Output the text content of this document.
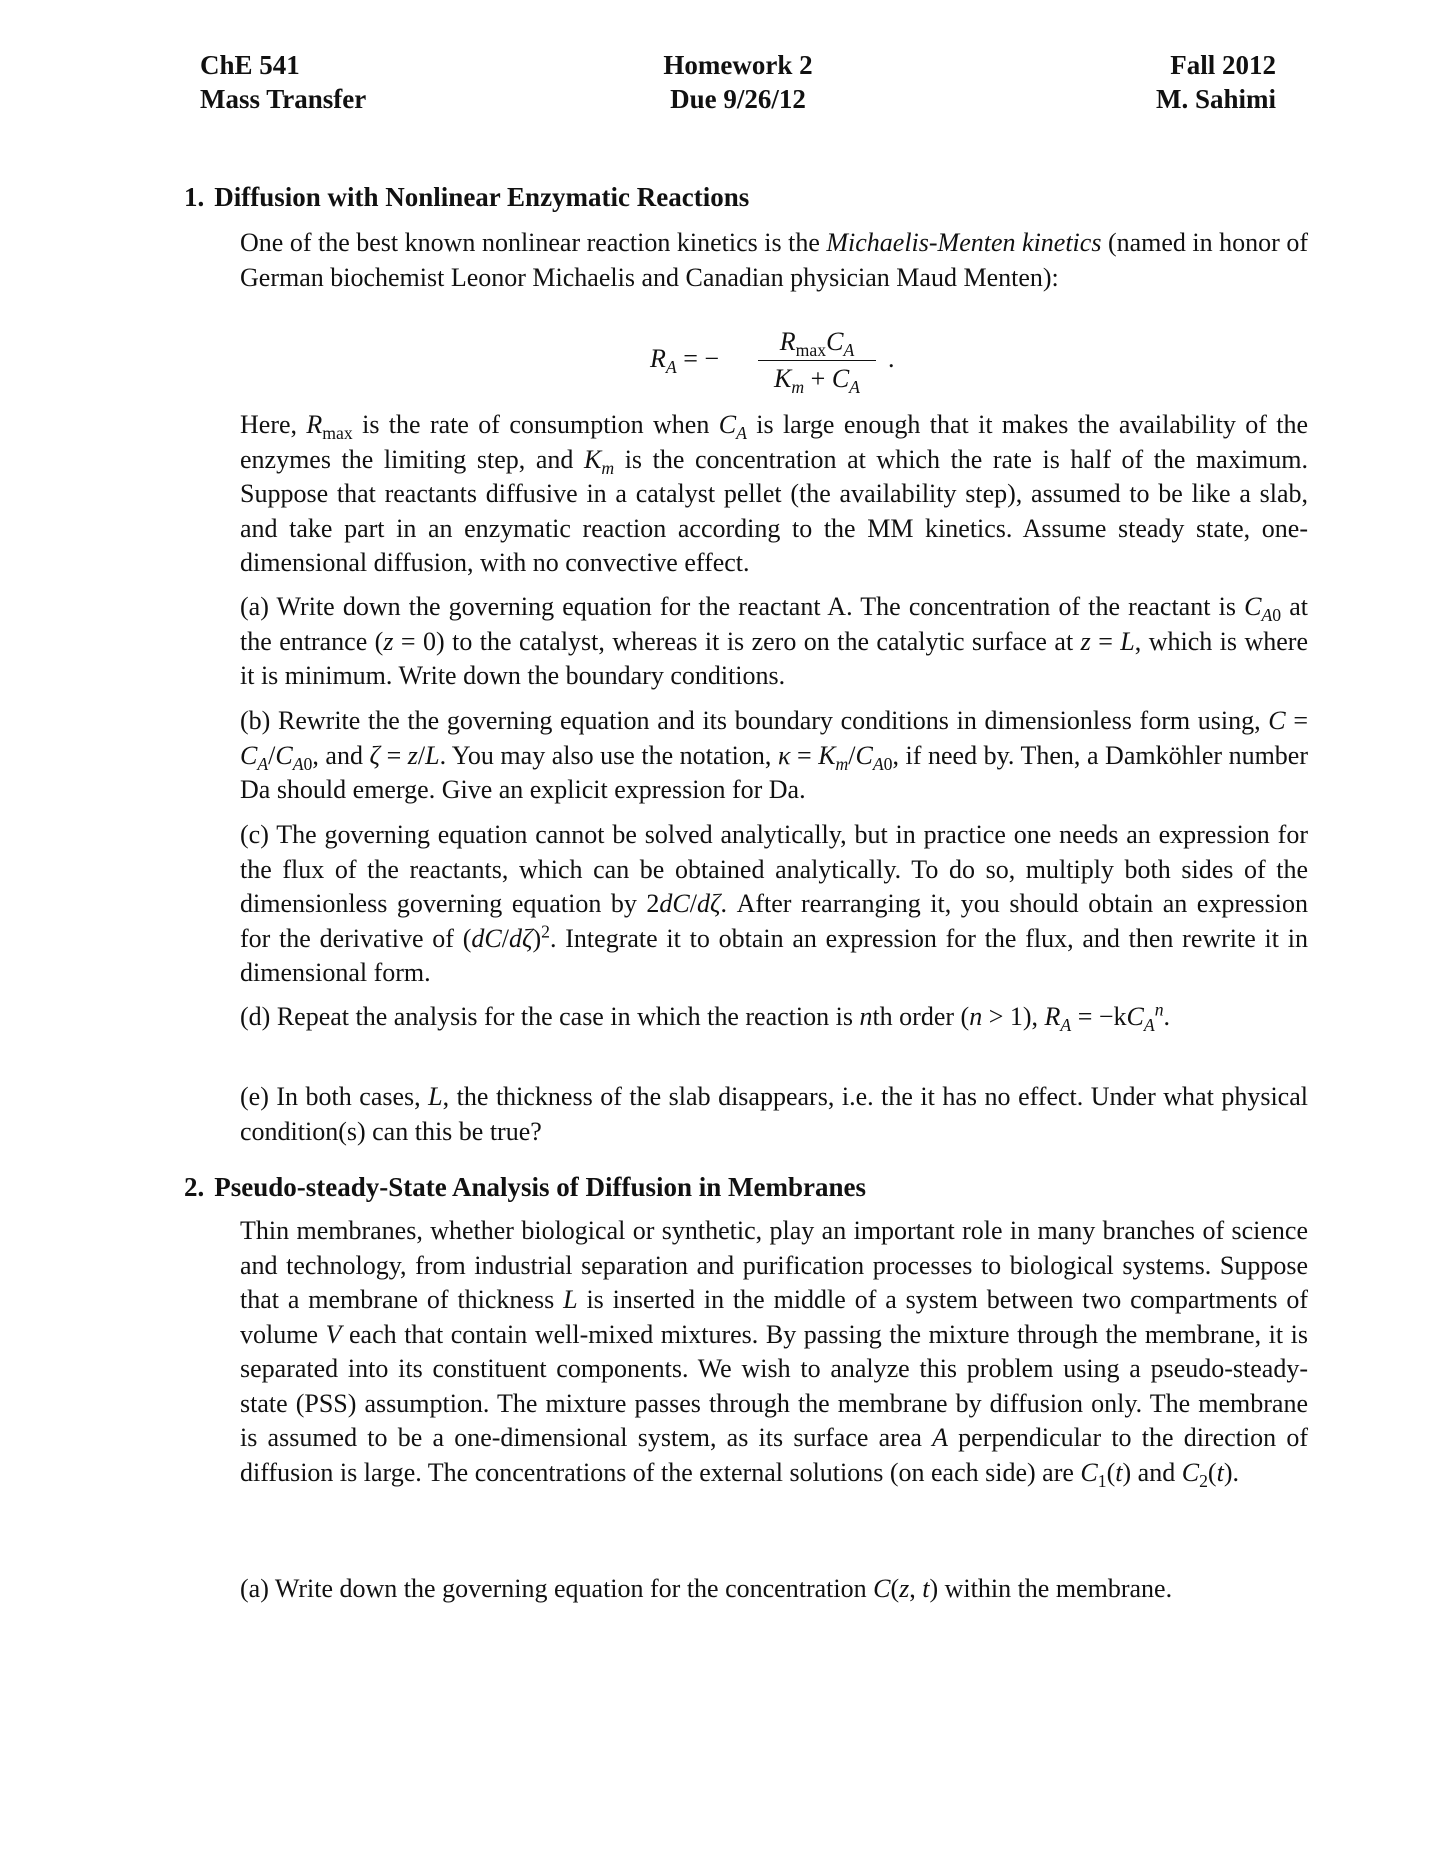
ChE 541
Mass Transfer
Homework 2
Due 9/26/12
Fall 2012
M. Sahimi
1. Diffusion with Nonlinear Enzymatic Reactions
One of the best known nonlinear reaction kinetics is the Michaelis-Menten kinetics (named in honor of German biochemist Leonor Michaelis and Canadian physician Maud Menten):
$R_A$ = −
$R_{max}C_A$
$K_m + C_A$
.
Here, $R_{max}$ is the rate of consumption when $C_A$ is large enough that it makes the availability of the enzymes the limiting step, and $K_m$ is the concentration at which the rate is half of the maximum. Suppose that reactants diffusive in a catalyst pellet (the availability step), assumed to be like a slab, and take part in an enzymatic reaction according to the MM kinetics. Assume steady state, one-dimensional diffusion, with no convective effect.
(a) Write down the governing equation for the reactant A. The concentration of the reactant is $C_{A0}$ at the entrance (z = 0) to the catalyst, whereas it is zero on the catalytic surface at z = L, which is where it is minimum. Write down the boundary conditions.
(b) Rewrite the the governing equation and its boundary conditions in dimensionless form using, $C = C_A/C_{A0}$, and ζ = z/L. You may also use the notation, $\kappa = K_m/C_{A0}$, if need by. Then, a Damköhler number Da should emerge. Give an explicit expression for Da.
(c) The governing equation cannot be solved analytically, but in practice one needs an expression for the flux of the reactants, which can be obtained analytically. To do so, multiply both sides of the dimensionless governing equation by 2dC/dζ. After rearranging it, you should obtain an expression for the derivative of $(dC/d\zeta)^2$. Integrate it to obtain an expression for the flux, and then rewrite it in dimensional form.
(d) Repeat the analysis for the case in which the reaction is nth order (n > 1), $R_A = -kC_A^n$.
(e) In both cases, L, the thickness of the slab disappears, i.e. the it has no effect. Under what physical condition(s) can this be true?
2. Pseudo-steady-State Analysis of Diffusion in Membranes
Thin membranes, whether biological or synthetic, play an important role in many branches of science and technology, from industrial separation and purification processes to biological systems. Suppose that a membrane of thickness L is inserted in the middle of a system between two compartments of volume V each that contain well-mixed mixtures. By passing the mixture through the membrane, it is separated into its constituent components. We wish to analyze this problem using a pseudo-steady-state (PSS) assumption. The mixture passes through the membrane by diffusion only. The membrane is assumed to be a one-dimensional system, as its surface area A perpendicular to the direction of diffusion is large. The concentrations of the external solutions (on each side) are $C_1(t)$ and $C_2(t)$.
(a) Write down the governing equation for the concentration C(z, t) within the membrane.
